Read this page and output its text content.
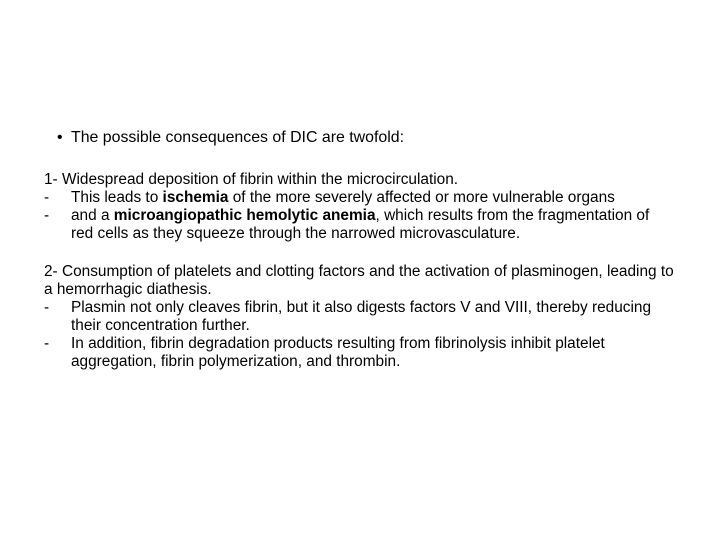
• The possible consequences of DIC are twofold:

1- Widespread deposition of fibrin within the microcirculation.

- This leads to ischemia of the more severely affected or more vulnerable organs
- and a microangiopathic hemolytic anemia, which results from the fragmentation of red cells as they squeeze through the narrowed microvasculature.

2- Consumption of platelets and clotting factors and the activation of plasminogen, leading to a hemorrhagic diathesis.

- Plasmin not only cleaves fibrin, but it also digests factors V and VIII, thereby reducing their concentration further.
- In addition, fibrin degradation products resulting from fibrinolysis inhibit platelet aggregation, fibrin polymerization, and thrombin.
